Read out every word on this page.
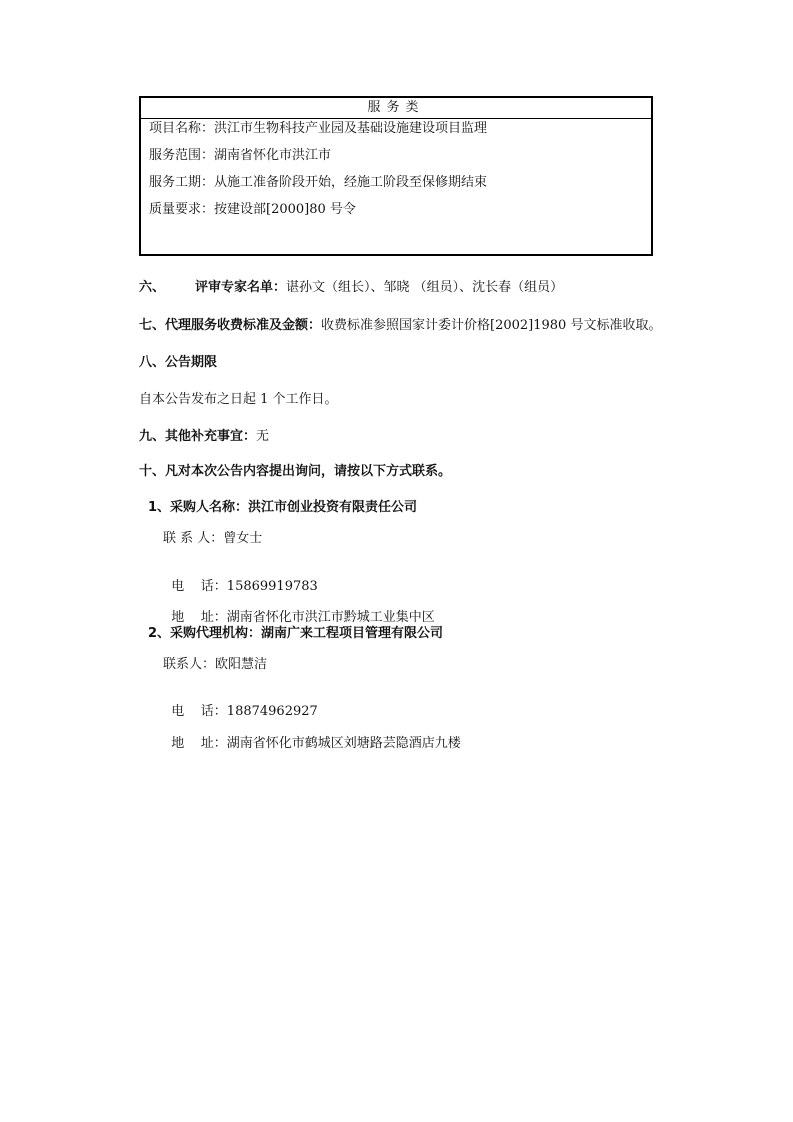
服务类
项目名称：洪江市生物科技产业园及基础设施建设项目监理
服务范围：湖南省怀化市洪江市
服务工期：从施工准备阶段开始，经施工阶段至保修期结束
质量要求：按建设部[2000]80 号令
六、 评审专家名单：谌孙文（组长）、邹晓 （组员）、沈长春（组员）
七、代理服务收费标准及金额：收费标准参照国家计委计价格[2002]1980 号文标准收取。
八、公告期限
自本公告发布之日起 1 个工作日。
九、其他补充事宜：无
十、凡对本次公告内容提出询问，请按以下方式联系。
1、采购人名称：洪江市创业投资有限责任公司
联 系 人：曾女士

电    话：15869919783

地    址：湖南省怀化市洪江市黔城工业集中区

2、采购代理机构：湖南广来工程项目管理有限公司
联系人：欧阳慧洁

电    话：18874962927

地    址：湖南省怀化市鹤城区刘塘路芸隐酒店九楼
